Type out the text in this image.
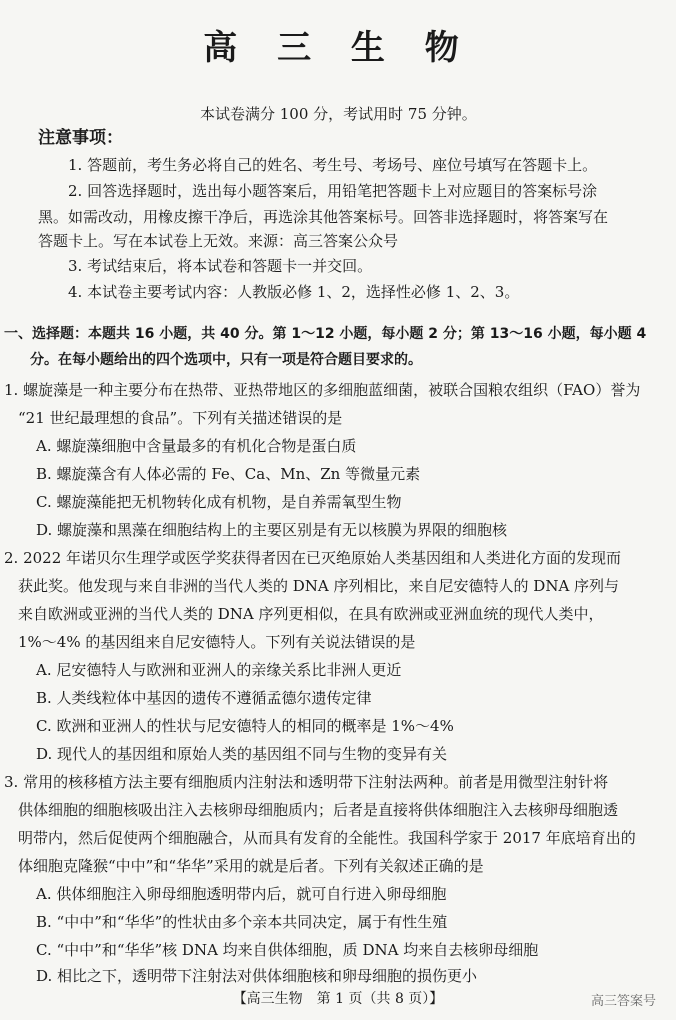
高 三 生 物
本试卷满分 100 分，考试用时 75 分钟。
注意事项：
1. 答题前，考生务必将自己的姓名、考生号、考场号、座位号填写在答题卡上。
2. 回答选择题时，选出每小题答案后，用铅笔把答题卡上对应题目的答案标号涂
黑。如需改动，用橡皮擦干净后，再选涂其他答案标号。回答非选择题时，将答案写在
答题卡上。写在本试卷上无效。来源：高三答案公众号
3. 考试结束后，将本试卷和答题卡一并交回。
4. 本试卷主要考试内容：人教版必修 1、2，选择性必修 1、2、3。
一、选择题：本题共 16 小题，共 40 分。第 1～12 小题，每小题 2 分；第 13～16 小题，每小题 4
分。在每小题给出的四个选项中，只有一项是符合题目要求的。
1. 螺旋藻是一种主要分布在热带、亚热带地区的多细胞蓝细菌，被联合国粮农组织（FAO）誉为
“21 世纪最理想的食品”。下列有关描述错误的是
A. 螺旋藻细胞中含量最多的有机化合物是蛋白质
B. 螺旋藻含有人体必需的 Fe、Ca、Mn、Zn 等微量元素
C. 螺旋藻能把无机物转化成有机物，是自养需氧型生物
D. 螺旋藻和黑藻在细胞结构上的主要区别是有无以核膜为界限的细胞核
2. 2022 年诺贝尔生理学或医学奖获得者因在已灭绝原始人类基因组和人类进化方面的发现而
获此奖。他发现与来自非洲的当代人类的 DNA 序列相比，来自尼安德特人的 DNA 序列与
来自欧洲或亚洲的当代人类的 DNA 序列更相似，在具有欧洲或亚洲血统的现代人类中，
1%～4% 的基因组来自尼安德特人。下列有关说法错误的是
A. 尼安德特人与欧洲和亚洲人的亲缘关系比非洲人更近
B. 人类线粒体中基因的遗传不遵循孟德尔遗传定律
C. 欧洲和亚洲人的性状与尼安德特人的相同的概率是 1%～4%
D. 现代人的基因组和原始人类的基因组不同与生物的变异有关
3. 常用的核移植方法主要有细胞质内注射法和透明带下注射法两种。前者是用微型注射针将
供体细胞的细胞核吸出注入去核卵母细胞质内；后者是直接将供体细胞注入去核卵母细胞透
明带内，然后促使两个细胞融合，从而具有发育的全能性。我国科学家于 2017 年底培育出的
体细胞克隆猴“中中”和“华华”采用的就是后者。下列有关叙述正确的是
A. 供体细胞注入卵母细胞透明带内后，就可自行进入卵母细胞
B. “中中”和“华华”的性状由多个亲本共同决定，属于有性生殖
C. “中中”和“华华”核 DNA 均来自供体细胞，质 DNA 均来自去核卵母细胞
D. 相比之下，透明带下注射法对供体细胞核和卵母细胞的损伤更小
【高三生物　第 1 页（共 8 页）】	高三答案号
